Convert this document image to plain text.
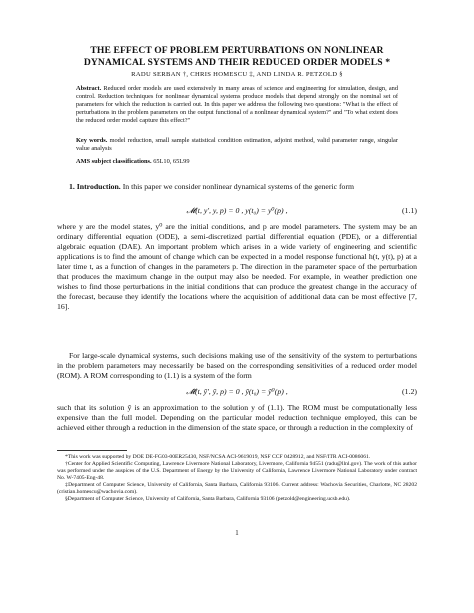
THE EFFECT OF PROBLEM PERTURBATIONS ON NONLINEAR
DYNAMICAL SYSTEMS AND THEIR REDUCED ORDER MODELS *
RADU SERBAN †, CHRIS HOMESCU ‡, AND LINDA R. PETZOLD §
Abstract. Reduced order models are used extensively in many areas of science and engineering for simulation, design, and control. Reduction techniques for nonlinear dynamical systems produce models that depend strongly on the nominal set of parameters for which the reduction is carried out. In this paper we address the following two questions: "What is the effect of perturbations in the problem parameters on the output functional of a nonlinear dynamical system?" and "To what extent does the reduced order model capture this effect?"
Key words. model reduction, small sample statistical condition estimation, adjoint method, valid parameter range, singular value analysis
AMS subject classifications. 65L10, 65L99

1. Introduction. In this paper we consider nonlinear dynamical systems of the generic form

𝓜(t, y′, y, p) = 0 , y(t₀) = y⁰(p) ,	(1.1)

where y are the model states, y⁰ are the initial conditions, and p are model parameters. The system may be an ordinary differential equation (ODE), a semi-discretized partial differential equation (PDE), or a differential algebraic equation (DAE). An important problem which arises in a wide variety of engineering and scientific applications is to find the amount of change which can be expected in a model response functional h(t, y(t), p) at a later time t, as a function of changes in the parameters p. The direction in the parameter space of the perturbation that produces the maximum change in the output may also be needed. For example, in weather prediction one wishes to find those perturbations in the initial conditions that can produce the greatest change in the accuracy of the forecast, because they identify the locations where the acquisition of additional data can be most effective [7, 16].

For large-scale dynamical systems, such decisions making use of the sensitivity of the system to perturbations in the problem parameters may necessarily be based on the corresponding sensitivities of a reduced order model (ROM). A ROM corresponding to (1.1) is a system of the form

𝓜̃(t, ỹ′, ỹ, p) = 0 , ỹ(t₀) = ỹ⁰(p) ,	(1.2)

such that its solution ỹ is an approximation to the solution y of (1.1). The ROM must be computationally less expensive than the full model. Depending on the particular model reduction technique employed, this can be achieved either through a reduction in the dimension of the state space, or through a reduction in the complexity of

*This work was supported by DOE DE-FG03-00ER25430, NSF/NCSA ACI-9619019, NSF CCF 0428912, and NSF/ITR ACI-0086061.

†Center for Applied Scientific Computing, Lawrence Livermore National Laboratory, Livermore, California 94551 (radu@llnl.gov). The work of this author was performed under the auspices of the U.S. Department of Energy by the University of California, Lawrence Livermore National Laboratory under contract No. W-7405-Eng-48.

‡Department of Computer Science, University of California, Santa Barbara, California 93106. Current address: Wachovia Securities, Charlotte, NC 28202 (cristian.homescu@wachovia.com).

§Department of Computer Science, University of California, Santa Barbara, California 93106 (petzold@engineering.ucsb.edu).

1
